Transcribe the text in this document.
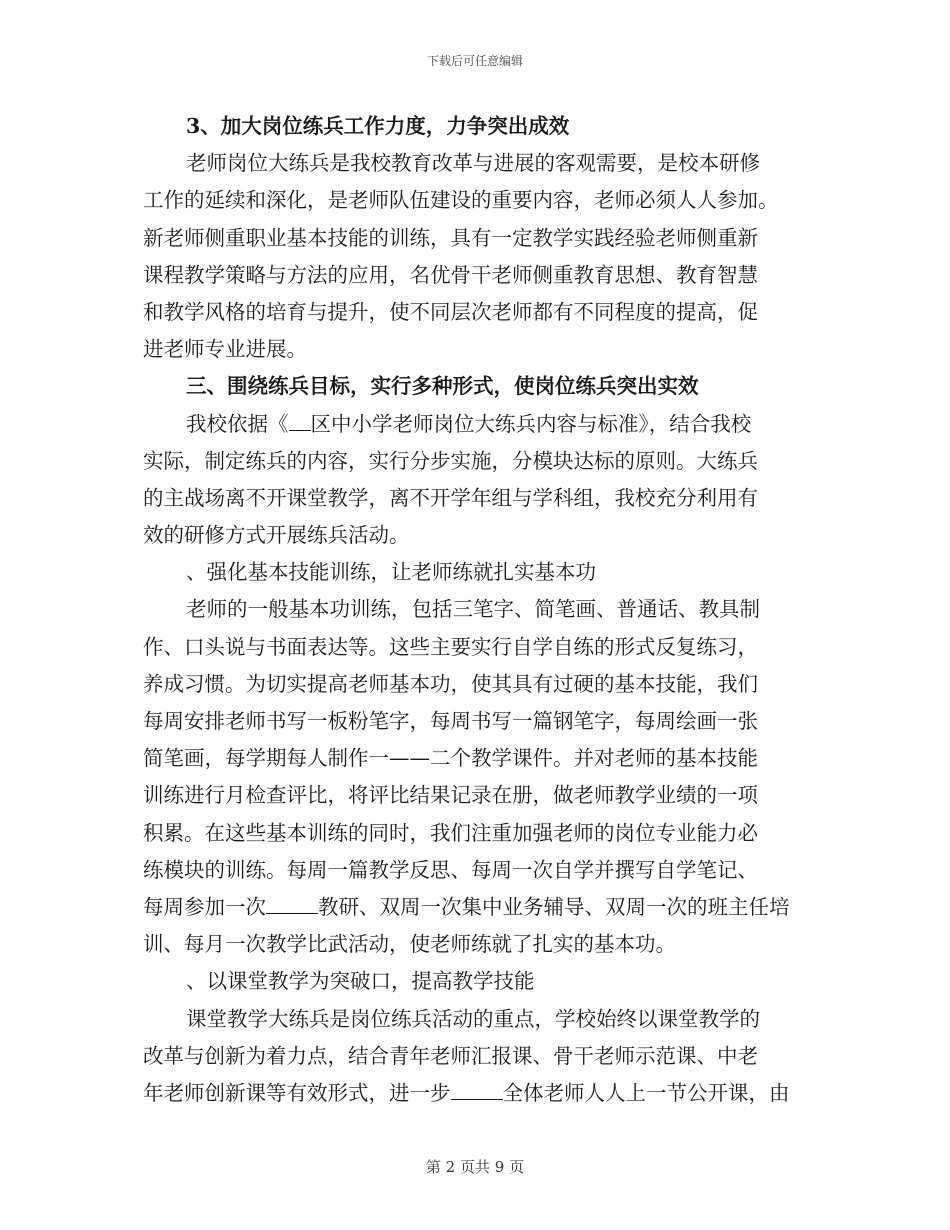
下载后可任意编辑
3、加大岗位练兵工作力度，力争突出成效
老师岗位大练兵是我校教育改革与进展的客观需要，是校本研修
工作的延续和深化，是老师队伍建设的重要内容，老师必须人人参加。
新老师侧重职业基本技能的训练，具有一定教学实践经验老师侧重新
课程教学策略与方法的应用，名优骨干老师侧重教育思想、教育智慧
和教学风格的培育与提升，使不同层次老师都有不同程度的提高，促
进老师专业进展。
三、围绕练兵目标，实行多种形式，使岗位练兵突出实效
我校依据《 区中小学老师岗位大练兵内容与标准》，结合我校
实际，制定练兵的内容，实行分步实施，分模块达标的原则。大练兵
的主战场离不开课堂教学，离不开学年组与学科组，我校充分利用有
效的研修方式开展练兵活动。
、强化基本技能训练，让老师练就扎实基本功
老师的一般基本功训练，包括三笔字、简笔画、普通话、教具制
作、口头说与书面表达等。这些主要实行自学自练的形式反复练习，
养成习惯。为切实提高老师基本功，使其具有过硬的基本技能，我们
每周安排老师书写一板粉笔字，每周书写一篇钢笔字，每周绘画一张
简笔画，每学期每人制作一——二个教学课件。并对老师的基本技能
训练进行月检查评比，将评比结果记录在册，做老师教学业绩的一项
积累。在这些基本训练的同时，我们注重加强老师的岗位专业能力必
练模块的训练。每周一篇教学反思、每周一次自学并撰写自学笔记、
每周参加一次	教研、双周一次集中业务辅导、双周一次的班主任培
训、每月一次教学比武活动，使老师练就了扎实的基本功。
、以课堂教学为突破口，提高教学技能
课堂教学大练兵是岗位练兵活动的重点，学校始终以课堂教学的
改革与创新为着力点，结合青年老师汇报课、骨干老师示范课、中老
年老师创新课等有效形式，进一步	全体老师人人上一节公开课，由
第 2 页共 9 页
